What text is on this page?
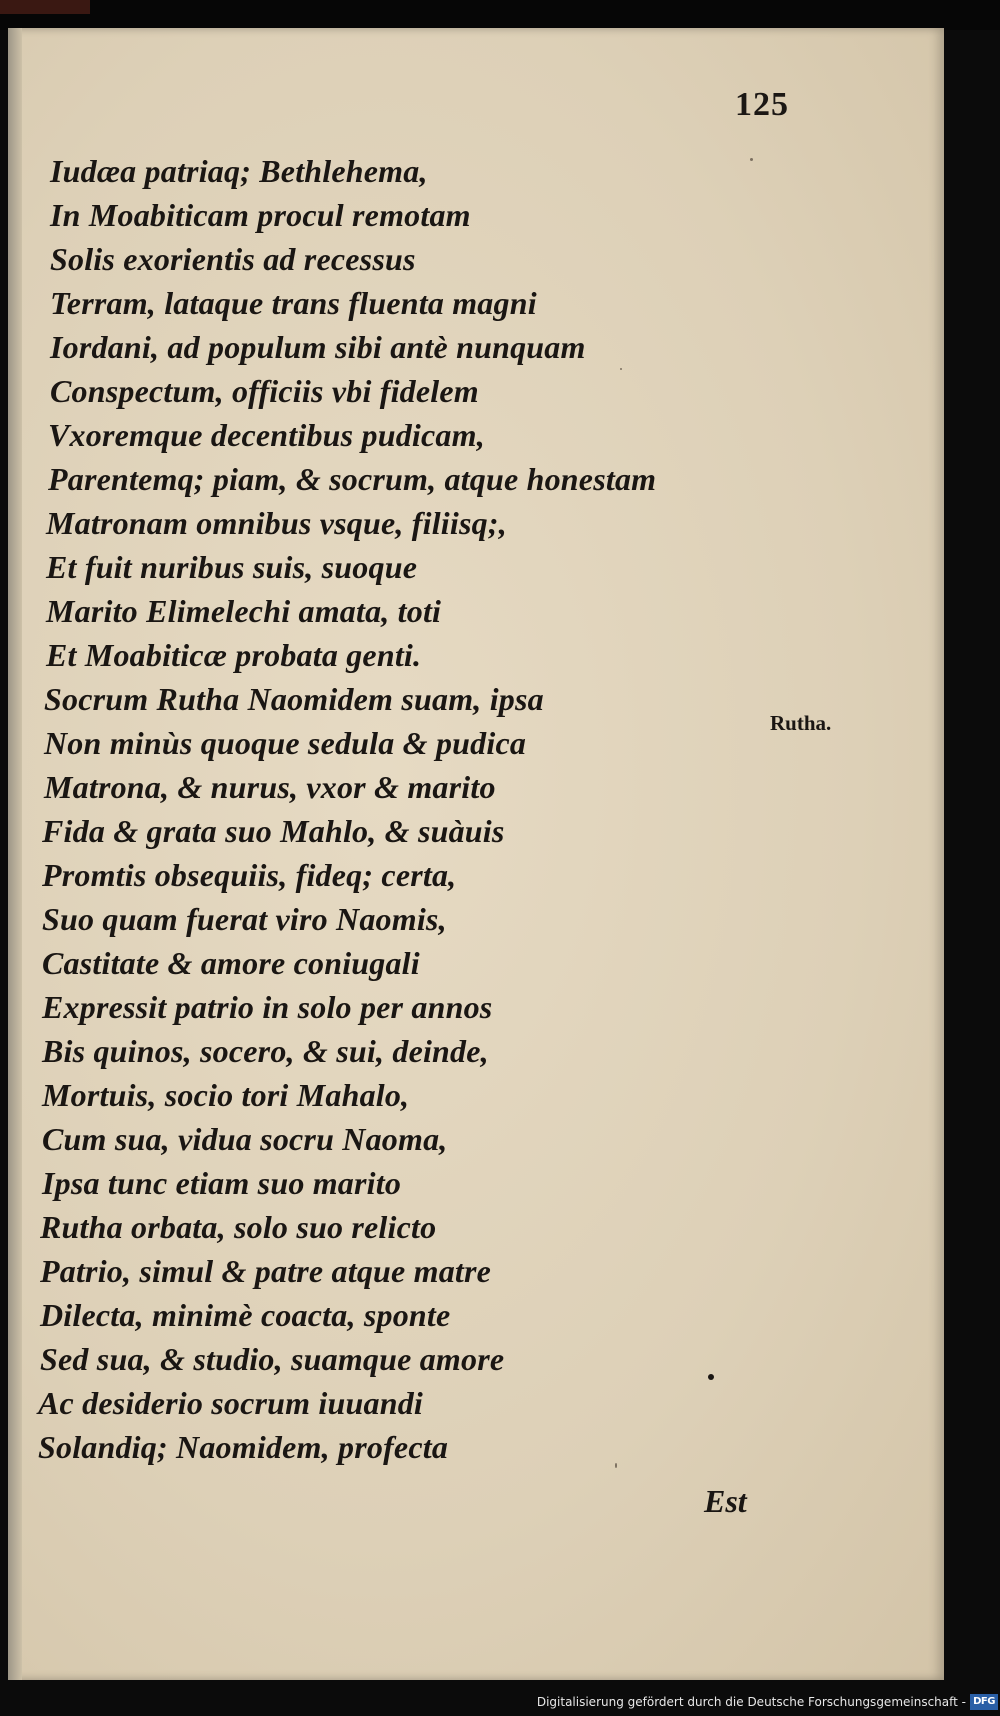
125
Iudæa patriaq; Bethlehema,
In Moabiticam procul remotam
Solis exorientis ad recessus
Terram, lataque trans fluenta magni
Iordani, ad populum sibi antè nunquam
Conspectum, officiis vbi fidelem
Vxoremque decentibus pudicam,
Parentemq; piam, & socrum, atque honestam
Matronam omnibus vsque, filiisq;,
Et fuit nuribus suis, suoque
Marito Elimelechi amata, toti
Et Moabiticæ probata genti.
Socrum Rutha Naomidem suam, ipsa
Non minùs quoque sedula & pudica
Matrona, & nurus, vxor & marito
Fida & grata suo Mahlo, & suàuis
Promtis obsequiis, fideq; certa,
Suo quam fuerat viro Naomis,
Castitate & amore coniugali
Expressit patrio in solo per annos
Bis quinos, socero, & sui, deinde,
Mortuis, socio tori Mahalo,
Cum sua, vidua socru Naoma,
Ipsa tunc etiam suo marito
Rutha orbata, solo suo relicto
Patrio, simul & patre atque matre
Dilecta, minimè coacta, sponte
Sed sua, & studio, suamque amore
Ac desiderio socrum iuuandi
Solandiq; Naomidem, profecta
Rutha.
Est
Digitalisierung gefördert durch die Deutsche Forschungsgemeinschaft - DFG
